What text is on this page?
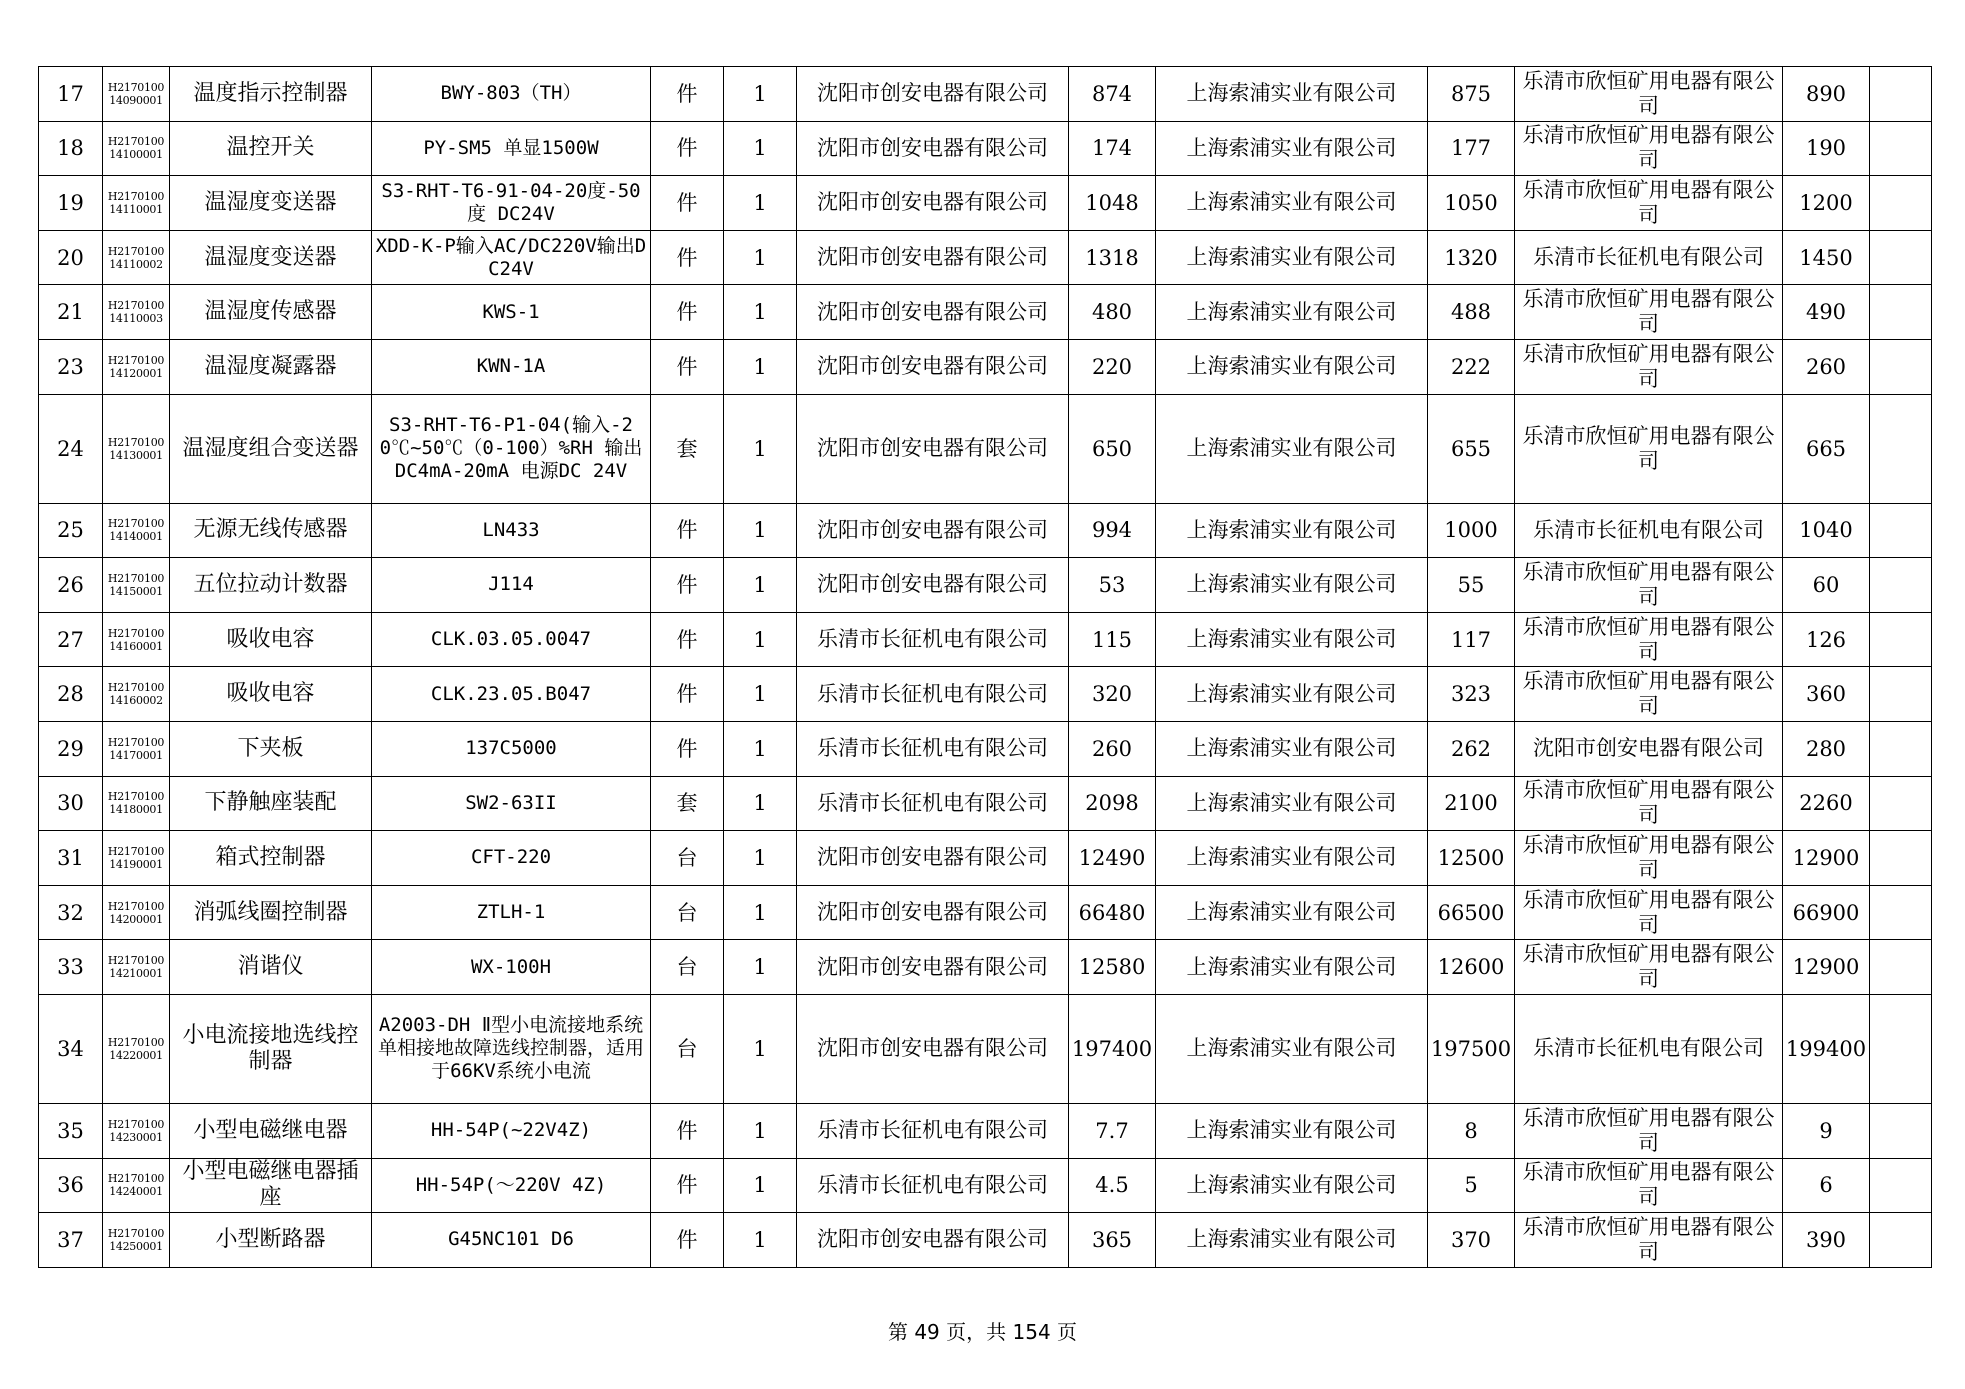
17	H2170100 14090001	温度指示控制器	BWY-803（TH）	件	1	沈阳市创安电器有限公司	874	上海索浦实业有限公司	875	乐清市欣恒矿用电器有限公司	890	
18	H2170100 14100001	温控开关	PY-SM5 单显1500W	件	1	沈阳市创安电器有限公司	174	上海索浦实业有限公司	177	乐清市欣恒矿用电器有限公司	190	
19	H2170100 14110001	温湿度变送器	S3-RHT-T6-91-04-20度-50度 DC24V	件	1	沈阳市创安电器有限公司	1048	上海索浦实业有限公司	1050	乐清市欣恒矿用电器有限公司	1200	
20	H2170100 14110002	温湿度变送器	XDD-K-P输入AC/DC220V输出DC24V	件	1	沈阳市创安电器有限公司	1318	上海索浦实业有限公司	1320	乐清市长征机电有限公司	1450	
21	H2170100 14110003	温湿度传感器	KWS-1	件	1	沈阳市创安电器有限公司	480	上海索浦实业有限公司	488	乐清市欣恒矿用电器有限公司	490	
23	H2170100 14120001	温湿度凝露器	KWN-1A	件	1	沈阳市创安电器有限公司	220	上海索浦实业有限公司	222	乐清市欣恒矿用电器有限公司	260	
24	H2170100 14130001	温湿度组合变送器	S3-RHT-T6-P1-04(输入-20℃~50℃（0-100）%RH 输出 DC4mA-20mA 电源DC 24V	套	1	沈阳市创安电器有限公司	650	上海索浦实业有限公司	655	乐清市欣恒矿用电器有限公司	665	
25	H2170100 14140001	无源无线传感器	LN433	件	1	沈阳市创安电器有限公司	994	上海索浦实业有限公司	1000	乐清市长征机电有限公司	1040	
26	H2170100 14150001	五位拉动计数器	J114	件	1	沈阳市创安电器有限公司	53	上海索浦实业有限公司	55	乐清市欣恒矿用电器有限公司	60	
27	H2170100 14160001	吸收电容	CLK.03.05.0047	件	1	乐清市长征机电有限公司	115	上海索浦实业有限公司	117	乐清市欣恒矿用电器有限公司	126	
28	H2170100 14160002	吸收电容	CLK.23.05.B047	件	1	乐清市长征机电有限公司	320	上海索浦实业有限公司	323	乐清市欣恒矿用电器有限公司	360	
29	H2170100 14170001	下夹板	137C5000	件	1	乐清市长征机电有限公司	260	上海索浦实业有限公司	262	沈阳市创安电器有限公司	280	
30	H2170100 14180001	下静触座装配	SW2-63II	套	1	乐清市长征机电有限公司	2098	上海索浦实业有限公司	2100	乐清市欣恒矿用电器有限公司	2260	
31	H2170100 14190001	箱式控制器	CFT-220	台	1	沈阳市创安电器有限公司	12490	上海索浦实业有限公司	12500	乐清市欣恒矿用电器有限公司	12900	
32	H2170100 14200001	消弧线圈控制器	ZTLH-1	台	1	沈阳市创安电器有限公司	66480	上海索浦实业有限公司	66500	乐清市欣恒矿用电器有限公司	66900	
33	H2170100 14210001	消谐仪	WX-100H	台	1	沈阳市创安电器有限公司	12580	上海索浦实业有限公司	12600	乐清市欣恒矿用电器有限公司	12900	
34	H2170100 14220001	小电流接地选线控制器	A2003-DH Ⅱ型小电流接地系统单相接地故障选线控制器，适用于66KV系统小电流	台	1	沈阳市创安电器有限公司	197400	上海索浦实业有限公司	197500	乐清市长征机电有限公司	199400	
35	H2170100 14230001	小型电磁继电器	HH-54P(~22V4Z)	件	1	乐清市长征机电有限公司	7.7	上海索浦实业有限公司	8	乐清市欣恒矿用电器有限公司	9	
36	H2170100 14240001	小型电磁继电器插座	HH-54P(～220V 4Z)	件	1	乐清市长征机电有限公司	4.5	上海索浦实业有限公司	5	乐清市欣恒矿用电器有限公司	6	
37	H2170100 14250001	小型断路器	G45NC101 D6	件	1	沈阳市创安电器有限公司	365	上海索浦实业有限公司	370	乐清市欣恒矿用电器有限公司	390	
第 49 页，共 154 页
